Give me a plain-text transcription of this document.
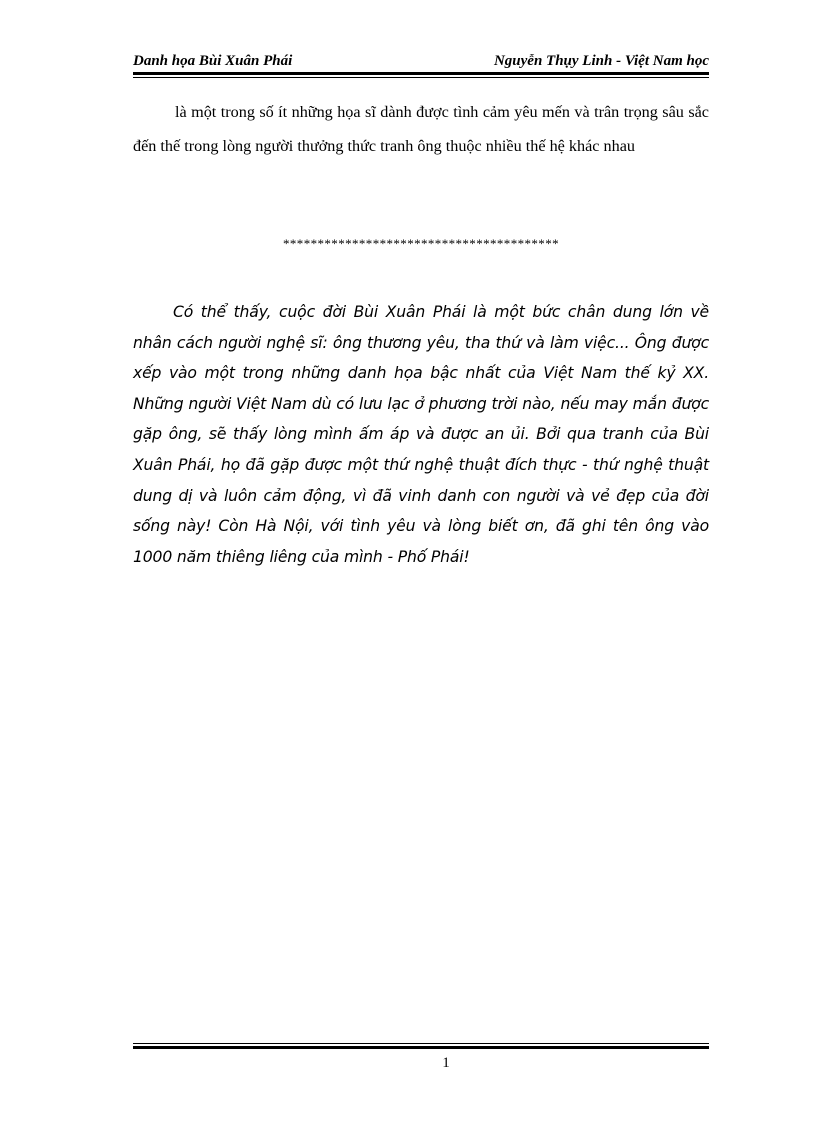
Danh họa Bùi Xuân Phái	Nguyễn Thụy Linh - Việt Nam học

là một trong số ít những họa sĩ dành được tình cảm yêu mến và trân trọng sâu sắc đến thế trong lòng người thưởng thức tranh ông thuộc nhiều thế hệ khác nhau

****************************************

Có thể thấy, cuộc đời Bùi Xuân Phái là một bức chân dung lớn về nhân cách người nghệ sĩ: ông thương yêu, tha thứ và làm việc... Ông được xếp vào một trong những danh họa bậc nhất của Việt Nam thế kỷ XX. Những người Việt Nam dù có lưu lạc ở phương trời nào, nếu may mắn được gặp ông, sẽ thấy lòng mình ấm áp và được an ủi. Bởi qua tranh của Bùi Xuân Phái, họ đã gặp được một thứ nghệ thuật đích thực - thứ nghệ thuật dung dị và luôn cảm động, vì đã vinh danh con người và vẻ đẹp của đời sống này! Còn Hà Nội, với tình yêu và lòng biết ơn, đã ghi tên ông vào 1000 năm thiêng liêng của mình - Phố Phái!

1
